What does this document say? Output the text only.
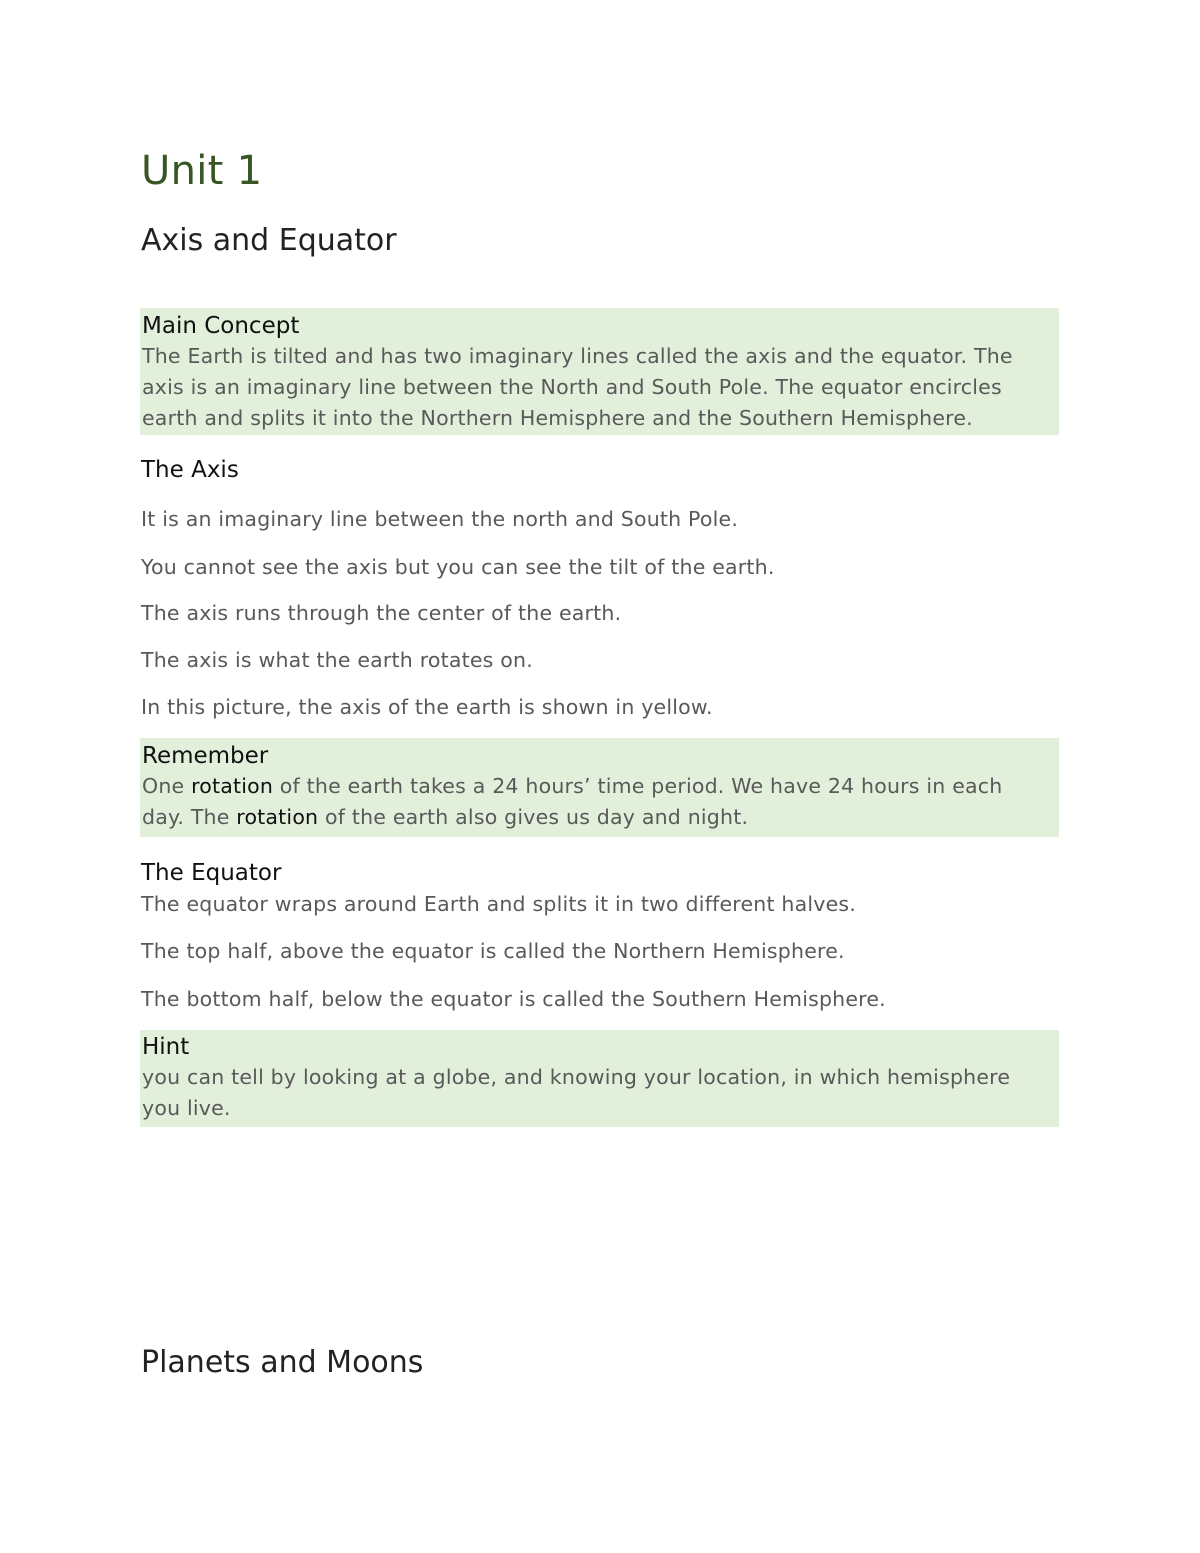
Unit 1
Axis and Equator

Main Concept

The Earth is tilted and has two imaginary lines called the axis and the equator. The

axis is an imaginary line between the North and South Pole. The equator encircles

earth and splits it into the Northern Hemisphere and the Southern Hemisphere.

The Axis

It is an imaginary line between the north and South Pole.

You cannot see the axis but you can see the tilt of the earth.

The axis runs through the center of the earth.

The axis is what the earth rotates on.

In this picture, the axis of the earth is shown in yellow.

Remember

One rotation of the earth takes a 24 hours’ time period. We have 24 hours in each

day. The rotation of the earth also gives us day and night.

The Equator

The equator wraps around Earth and splits it in two different halves.

The top half, above the equator is called the Northern Hemisphere.

The bottom half, below the equator is called the Southern Hemisphere.

Hint

you can tell by looking at a globe, and knowing your location, in which hemisphere

you live.

Planets and Moons
